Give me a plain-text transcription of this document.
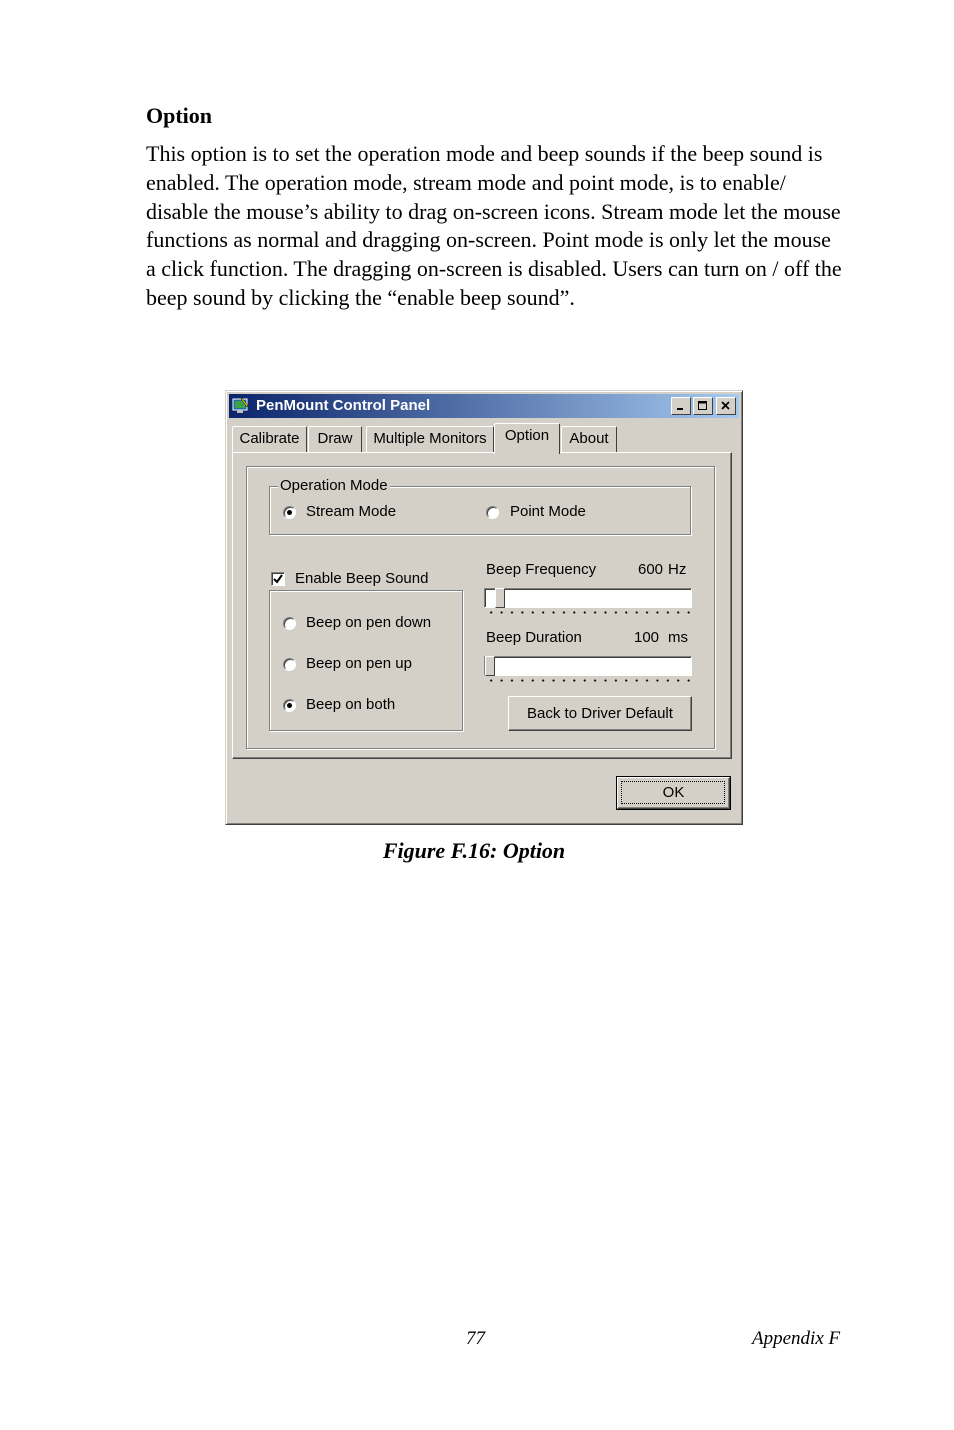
Option
This option is to set the operation mode and beep sounds if the beep sound is enabled. The operation mode, stream mode and point mode, is to enable/ disable the mouse’s ability to drag on-screen icons. Stream mode let the mouse functions as normal and dragging on-screen. Point mode is only let the mouse a click function. The dragging on-screen is disabled. Users can turn on / off the beep sound by clicking the “enable beep sound”.
PenMount Control Panel
Calibrate	Draw	Multiple Monitors	Option	About
Operation Mode
Stream Mode	Point Mode
Enable Beep Sound
Beep on pen down
Beep on pen up
Beep on both
Beep Frequency	600 Hz
Beep Duration	100 ms
Back to Driver Default
OK
Figure F.16: Option
77	Appendix F
